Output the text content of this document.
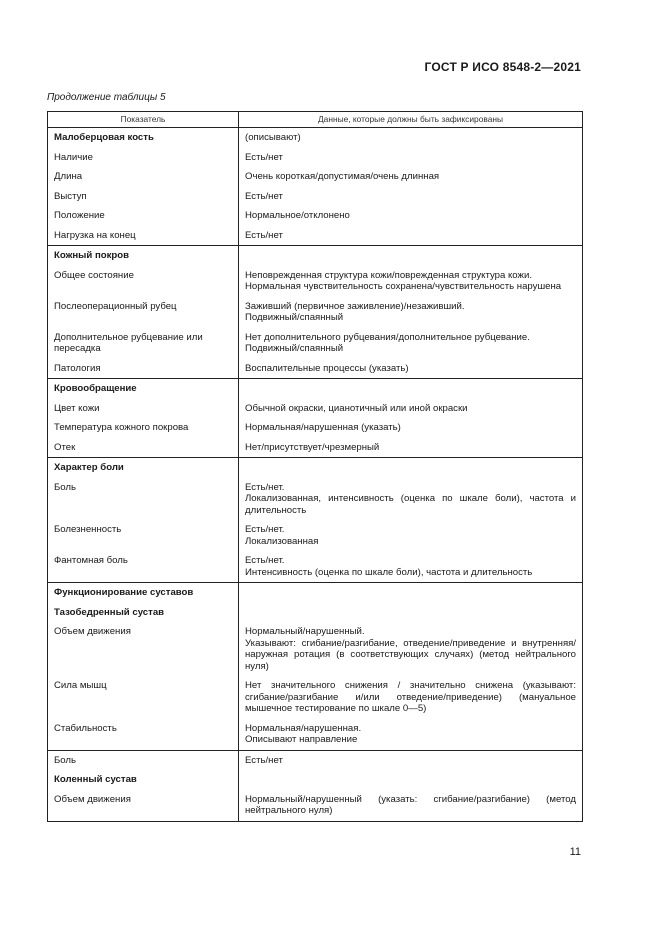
ГОСТ Р ИСО 8548-2—2021
Продолжение таблицы 5
Показатель	Данные, которые должны быть зафиксированы
Малоберцовая кость	(описывают)

Наличие	Есть/нет

Длина	Очень короткая/допустимая/очень длинная

Выступ	Есть/нет

Положение	Нормальное/отклонено

Нагрузка на конец	Есть/нет

Кожный покров	
Общее состояние	Неповрежденная структура кожи/поврежденная структура кожи.
Нормальная чувствительность сохранена/чувствительность нарушена

Послеоперационный рубец	Заживший (первичное заживление)/незаживший.
Подвижный/спаянный

Дополнительное рубцевание или пересадка	Нет дополнительного рубцевания/дополнительное рубцевание.
Подвижный/спаянный

Патология	Воспалительные процессы (указать)

Кровообращение	
Цвет кожи	Обычной окраски, цианотичный или иной окраски

Температура кожного покрова	Нормальная/нарушенная (указать)

Отек	Нет/присутствует/чрезмерный

Характер боли	
Боль	Есть/нет.
Локализованная, интенсивность (оценка по шкале боли), частота и длительность

Болезненность	Есть/нет.
Локализованная

Фантомная боль	Есть/нет.
Интенсивность (оценка по шкале боли), частота и длительность

Функционирование суставов	
Тазобедренный сустав	
Объем движения	Нормальный/нарушенный.
Указывают: сгибание/разгибание, отведение/приведение и внутренняя/наружная ротация (в соответствующих случаях) (метод нейтрального нуля)

Сила мышц	Нет значительного снижения / значительно снижена (указывают: сгибание/разгибание и/или отведение/приведение) (мануальное мышечное тестирование по шкале 0—5)

Стабильность	Нормальная/нарушенная.
Описывают направление

Боль	Есть/нет

Коленный сустав	
Объем движения	Нормальный/нарушенный (указать: сгибание/разгибание) (метод нейтрального нуля)
11
